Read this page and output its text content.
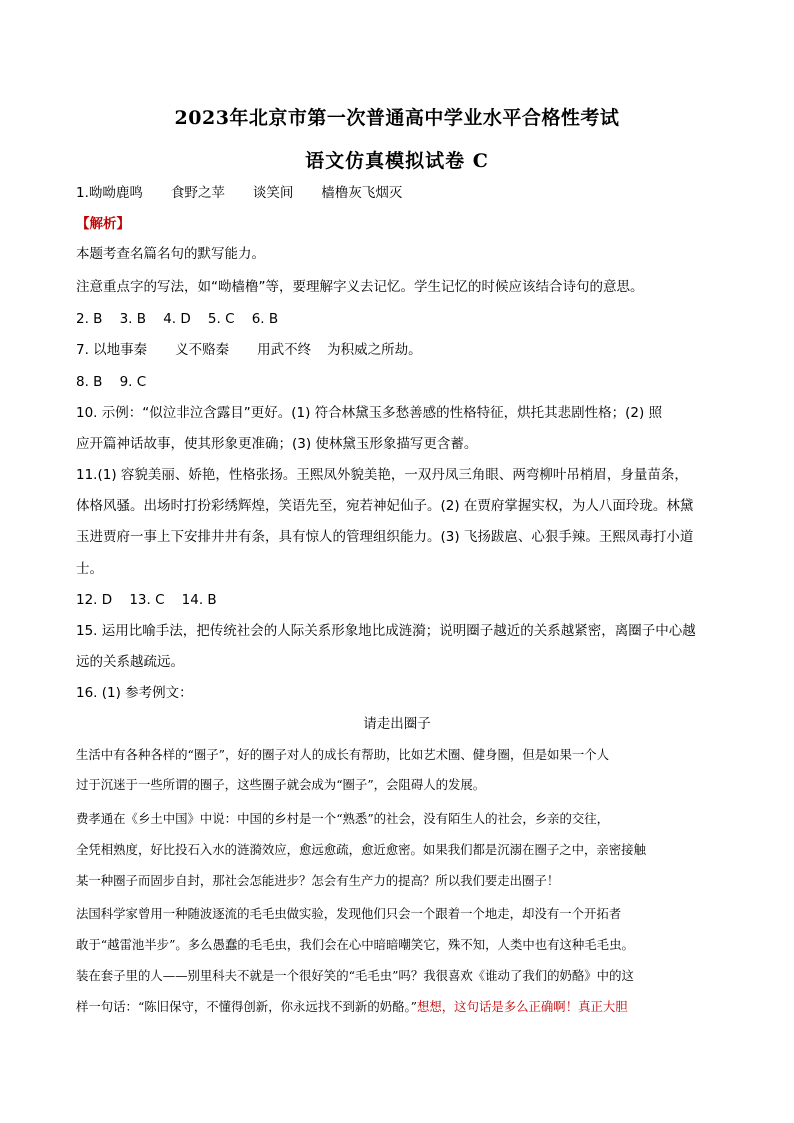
2023年北京市第一次普通高中学业水平合格性考试
语文仿真模拟试卷 C
1.呦呦鹿鸣 食野之苹 谈笑间 樯橹灰飞烟灭
【解析】
本题考查名篇名句的默写能力。
注意重点字的写法，如“呦樯橹”等，要理解字义去记忆。学生记忆的时候应该结合诗句的意思。
2. B    3. B    4. D    5. C    6. B
7. 以地事秦 义不赂秦 用武不终 为积威之所劫。
8. B    9. C
10. 示例：“似泣非泣含露目”更好。(1) 符合林黛玉多愁善感的性格特征，烘托其悲剧性格；(2) 照
应开篇神话故事，使其形象更准确；(3) 使林黛玉形象描写更含蓄。
11.(1) 容貌美丽、娇艳，性格张扬。王熙凤外貌美艳，一双丹凤三角眼、两弯柳叶吊梢眉，身量苗条，
体格风骚。出场时打扮彩绣辉煌，笑语先至，宛若神妃仙子。(2) 在贾府掌握实权，为人八面玲珑。林黛
玉进贾府一事上下安排井井有条，具有惊人的管理组织能力。(3) 飞扬跋扈、心狠手辣。王熙凤毒打小道
士。
12. D    13. C    14. B
15. 运用比喻手法，把传统社会的人际关系形象地比成涟漪；说明圈子越近的关系越紧密，离圈子中心越
远的关系越疏远。
16. (1) 参考例文：
请走出圈子
生活中有各种各样的“圈子”，好的圈子对人的成长有帮助，比如艺术圈、健身圈，但是如果一个人
过于沉迷于一些所谓的圈子，这些圈子就会成为“圈子”，会阻碍人的发展。
费孝通在《乡土中国》中说：中国的乡村是一个“熟悉”的社会，没有陌生人的社会，乡亲的交往，
全凭相熟度，好比投石入水的涟漪效应，愈远愈疏，愈近愈密。如果我们都是沉溺在圈子之中，亲密接触
某一种圈子而固步自封，那社会怎能进步？怎会有生产力的提高？所以我们要走出圈子！
法国科学家曾用一种随波逐流的毛毛虫做实验，发现他们只会一个跟着一个地走，却没有一个开拓者
敢于“越雷池半步”。多么愚蠢的毛毛虫，我们会在心中暗暗嘲笑它，殊不知，人类中也有这种毛毛虫。
装在套子里的人——别里科夫不就是一个很好笑的“毛毛虫”吗？我很喜欢《谁动了我们的奶酪》中的这
样一句话：“陈旧保守，不懂得创新，你永远找不到新的奶酪。”想想，这句话是多么正确啊！真正大胆
